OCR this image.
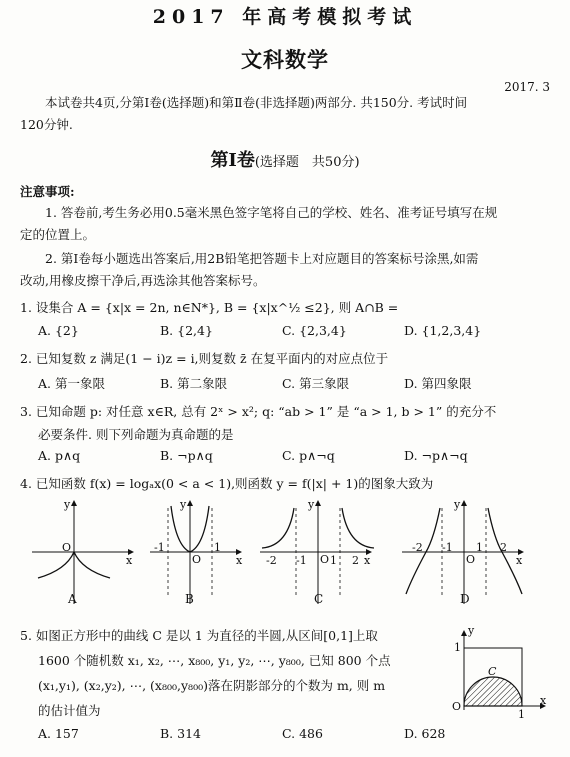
2017 年高考模拟考试
文科数学
2017. 3
本试卷共4页,分第Ⅰ卷(选择题)和第Ⅱ卷(非选择题)两部分. 共150分. 考试时间
120分钟.
第Ⅰ卷(选择题　共50分)
注意事项:
1. 答卷前,考生务必用0.5毫米黑色签字笔将自己的学校、姓名、准考证号填写在规
定的位置上。
2. 第Ⅰ卷每小题选出答案后,用2B铅笔把答题卡上对应题目的答案标号涂黑,如需
改动,用橡皮擦干净后,再选涂其他答案标号。
1. 设集合 A = {x|x = 2n, n∈N*}, B = {x|x^½ ≤2}, 则 A∩B =
A. {2}	B. {2,4}	C. {2,3,4}	D. {1,2,3,4}
2. 已知复数 z 满足(1 − i)z = i,则复数 z̄ 在复平面内的对应点位于
A. 第一象限	B. 第二象限	C. 第三象限	D. 第四象限
3. 已知命题 p: 对任意 x∈R, 总有 2ˣ > x²; q: “ab > 1” 是 “a > 1, b > 1” 的充分不
必要条件. 则下列命题为真命题的是
A. p∧q	B. ¬p∧q	C. p∧¬q	D. ¬p∧¬q
4. 已知函数 f(x) = logₐx(0 < a < 1),则函数 y = f(|x| + 1)的图象大致为
y
x
O
A
y
x
O
-1	1
B
y
x
O
-2 -1 1 2
C
y
x
O
-2 -1 1 2
D
5. 如图正方形中的曲线 C 是以 1 为直径的半圆,从区间[0,1]上取
1600 个随机数 x₁, x₂, ⋯, x₈₀₀, y₁, y₂, ⋯, y₈₀₀, 已知 800 个点
(x₁,y₁), (x₂,y₂), ⋯, (x₈₀₀,y₈₀₀)落在阴影部分的个数为 m, 则 m
的估计值为
A. 157	B. 314	C. 486	D. 628
y
x
O
1
1
C
